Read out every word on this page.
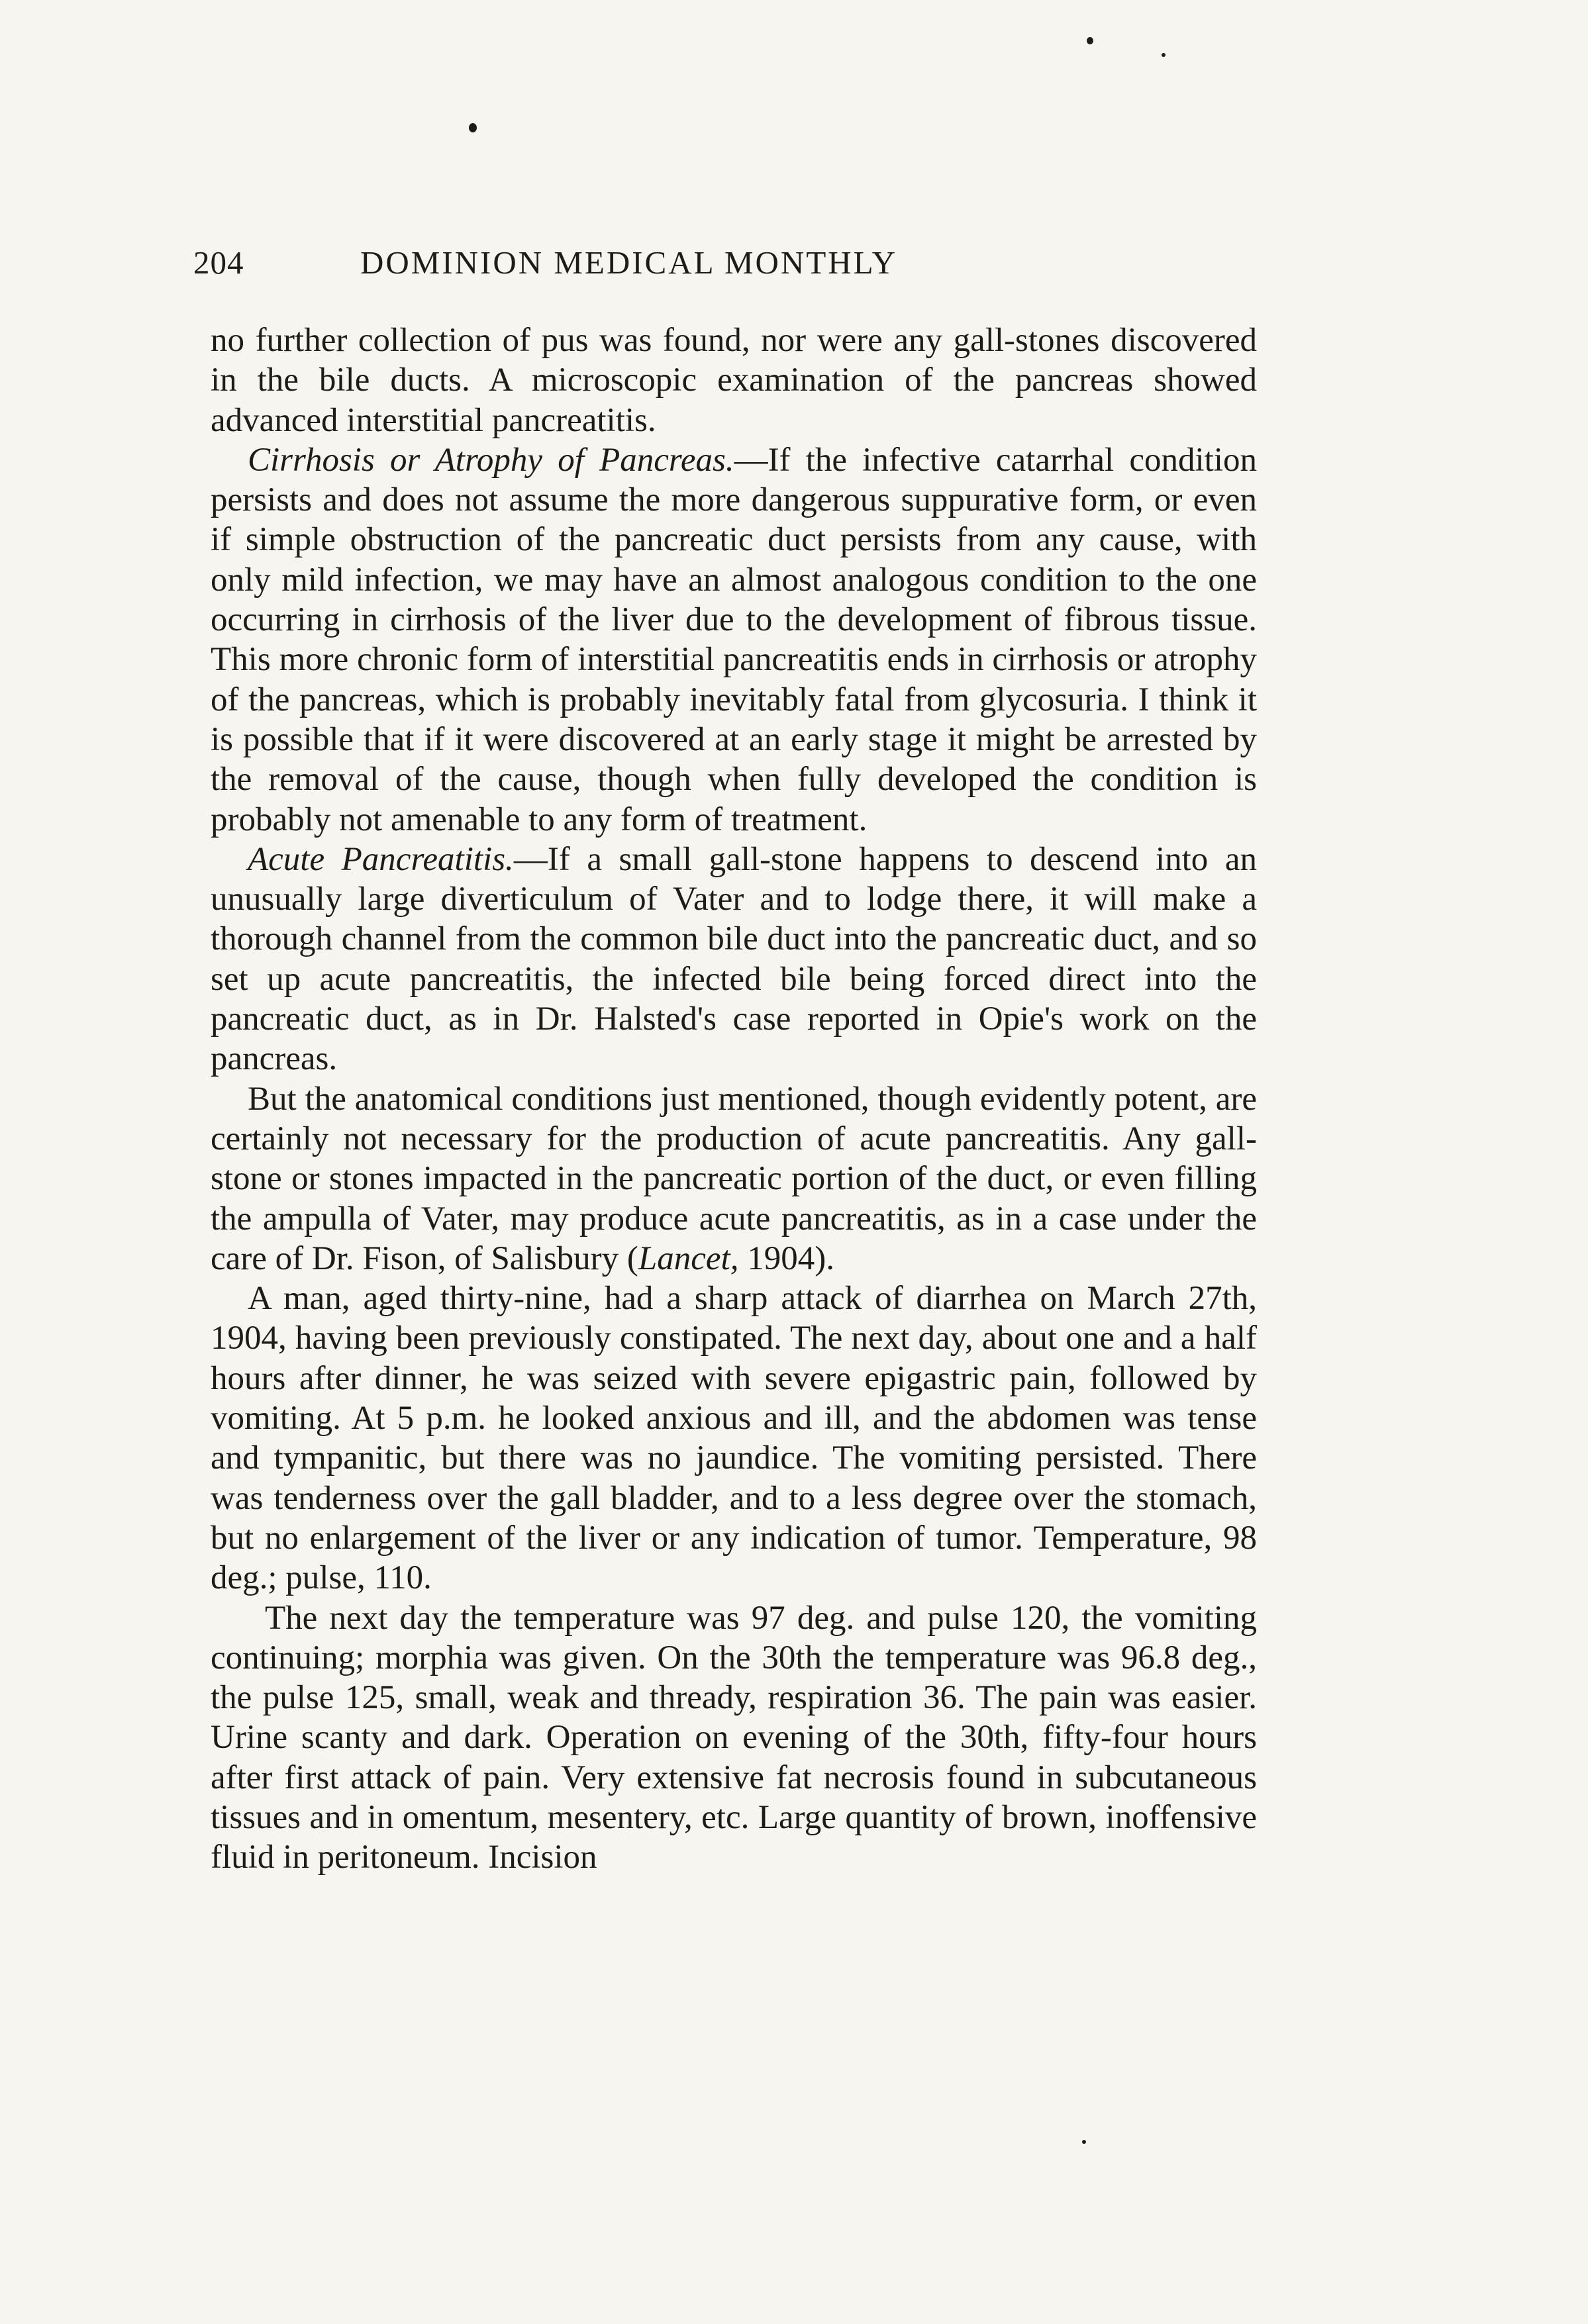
204	DOMINION MEDICAL MONTHLY

no further collection of pus was found, nor were any gall-stones discovered in the bile ducts. A microscopic examination of the pancreas showed advanced interstitial pancreatitis.

Cirrhosis or Atrophy of Pancreas.—If the infective catarrhal condition persists and does not assume the more dangerous suppurative form, or even if simple obstruction of the pancreatic duct persists from any cause, with only mild infection, we may have an almost analogous condition to the one occurring in cirrhosis of the liver due to the development of fibrous tissue. This more chronic form of interstitial pancreatitis ends in cirrhosis or atrophy of the pancreas, which is probably inevitably fatal from glycosuria. I think it is possible that if it were discovered at an early stage it might be arrested by the removal of the cause, though when fully developed the condition is probably not amenable to any form of treatment.

Acute Pancreatitis.—If a small gall-stone happens to descend into an unusually large diverticulum of Vater and to lodge there, it will make a thorough channel from the common bile duct into the pancreatic duct, and so set up acute pancreatitis, the infected bile being forced direct into the pancreatic duct, as in Dr. Halsted's case reported in Opie's work on the pancreas.

But the anatomical conditions just mentioned, though evidently potent, are certainly not necessary for the production of acute pancreatitis. Any gall-stone or stones impacted in the pancreatic portion of the duct, or even filling the ampulla of Vater, may produce acute pancreatitis, as in a case under the care of Dr. Fison, of Salisbury (Lancet, 1904).

A man, aged thirty-nine, had a sharp attack of diarrhea on March 27th, 1904, having been previously constipated. The next day, about one and a half hours after dinner, he was seized with severe epigastric pain, followed by vomiting. At 5 p.m. he looked anxious and ill, and the abdomen was tense and tympanitic, but there was no jaundice. The vomiting persisted. There was tenderness over the gall bladder, and to a less degree over the stomach, but no enlargement of the liver or any indication of tumor. Temperature, 98 deg.; pulse, 110.

The next day the temperature was 97 deg. and pulse 120, the vomiting continuing; morphia was given. On the 30th the temperature was 96.8 deg., the pulse 125, small, weak and thready, respiration 36. The pain was easier. Urine scanty and dark. Operation on evening of the 30th, fifty-four hours after first attack of pain. Very extensive fat necrosis found in subcutaneous tissues and in omentum, mesentery, etc. Large quantity of brown, inoffensive fluid in peritoneum. Incision
